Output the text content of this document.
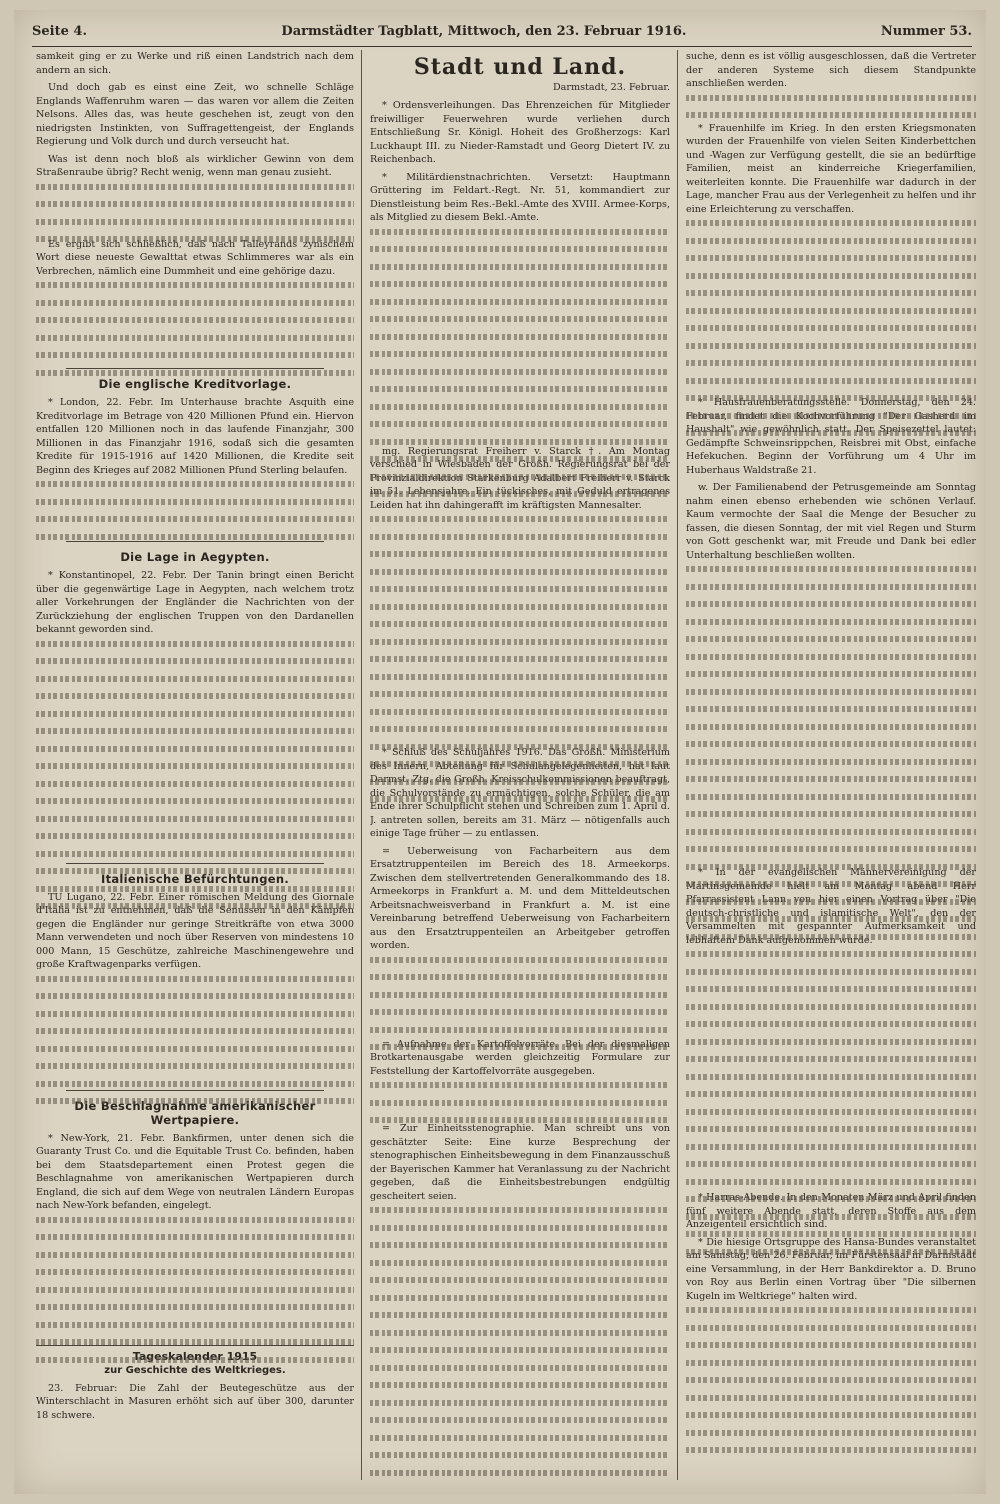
Seite 4.	Darmstädter Tagblatt, Mittwoch, den 23. Februar 1916.	Nummer 53.

samkeit ging er zu Werke und riß einen Landstrich nach dem andern an sich.

Und doch gab es einst eine Zeit, wo schnelle Schläge Englands Waffenruhm waren — das waren vor allem die Zeiten Nelsons. Alles das, was heute geschehen ist, zeugt von den niedrigsten Instinkten, von Suffragettengeist, der Englands Regierung und Volk durch und durch verseucht hat.

Was ist denn noch bloß als wirklicher Gewinn von dem Straßenraube übrig? Recht wenig, wenn man genau zusieht.

Es ergibt sich schließlich, daß nach Talleyrands zynischem Wort diese neueste Gewalttat etwas Schlimmeres war als ein Verbrechen, nämlich eine Dummheit und eine gehörige dazu.

Die englische Kreditvorlage.

* London, 22. Febr. Im Unterhause brachte Asquith eine Kreditvorlage im Betrage von 420 Millionen Pfund ein. Hiervon entfallen 120 Millionen noch in das laufende Finanzjahr, 300 Millionen in das Finanzjahr 1916, sodaß sich die gesamten Kredite für 1915-1916 auf 1420 Millionen, die Kredite seit Beginn des Krieges auf 2082 Millionen Pfund Sterling belaufen.

Die Lage in Aegypten.

* Konstantinopel, 22. Febr. Der Tanin bringt einen Bericht über die gegenwärtige Lage in Aegypten, nach welchem trotz aller Vorkehrungen der Engländer die Nachrichten von der Zurückziehung der englischen Truppen von den Dardanellen bekannt geworden sind.

Italienische Befürchtungen.

TU Lugano, 22. Febr. Einer römischen Meldung des Giornale d'Italia ist zu entnehmen, daß die Senussen in den Kämpfen gegen die Engländer nur geringe Streitkräfte von etwa 3000 Mann verwendeten und noch über Reserven von mindestens 10 000 Mann, 15 Geschütze, zahlreiche Maschinengewehre und große Kraftwagenparks verfügen.

Die Beschlagnahme amerikanischer Wertpapiere.

* New-York, 21. Febr. Bankfirmen, unter denen sich die Guaranty Trust Co. und die Equitable Trust Co. befinden, haben bei dem Staatsdepartement einen Protest gegen die Beschlagnahme von amerikanischen Wertpapieren durch England, die sich auf dem Wege von neutralen Ländern Europas nach New-York befanden, eingelegt.

Tageskalender 1915
zur Geschichte des Weltkrieges.

23. Februar: Die Zahl der Beutegeschütze aus der Winterschlacht in Masuren erhöht sich auf über 300, darunter 18 schwere.

Stadt und Land.
Darmstadt, 23. Februar.

* Ordensverleihungen. Das Ehrenzeichen für Mitglieder freiwilliger Feuerwehren wurde verliehen durch Entschließung Sr. Königl. Hoheit des Großherzogs: Karl Luckhaupt III. zu Nieder-Ramstadt und Georg Dietert IV. zu Reichenbach.

* Militärdienstnachrichten. Versetzt: Hauptmann Grüttering im Feldart.-Regt. Nr. 51, kommandiert zur Dienstleistung beim Res.-Bekl.-Amte des XVIII. Armee-Korps, als Mitglied zu diesem Bekl.-Amte.

mg. Regierungsrat Freiherr v. Starck †. Am Montag verschied in Wiesbaden der Großh. Regierungsrat bei der Provinzialdirektion Starkenburg Adalbert Freiherr v. Starck im 51. Lebensjahre. Ein tückisches, mit Geduld ertragenes Leiden hat ihn dahingerafft im kräftigsten Mannesalter.

* Schluß des Schuljahres 1916. Das Großh. Ministerium des Innern, Abteilung für Schulangelegenheiten, hat laut Darmst. Ztg. die Großh. Kreisschulkommissionen beauftragt, die Schulvorstände zu ermächtigen, solche Schüler, die am Ende ihrer Schulpflicht stehen und Schreiben zum 1. April d. J. antreten sollen, bereits am 31. März — nötigenfalls auch einige Tage früher — zu entlassen.

= Ueberweisung von Facharbeitern aus dem Ersatztruppenteilen im Bereich des 18. Armeekorps. Zwischen dem stellvertretenden Generalkommando des 18. Armeekorps in Frankfurt a. M. und dem Mitteldeutschen Arbeitsnachweisverband in Frankfurt a. M. ist eine Vereinbarung betreffend Ueberweisung von Facharbeitern aus den Ersatztruppenteilen an Arbeitgeber getroffen worden.

= Aufnahme der Kartoffelvorräte. Bei der diesmaligen Brotkartenausgabe werden gleichzeitig Formulare zur Feststellung der Kartoffelvorräte ausgegeben.

= Zur Einheitsstenographie. Man schreibt uns von geschätzter Seite: Eine kurze Besprechung der stenographischen Einheitsbewegung in dem Finanzausschuß der Bayerischen Kammer hat Veranlassung zu der Nachricht gegeben, daß die Einheitsbestrebungen endgültig gescheitert seien.

suche, denn es ist völlig ausgeschlossen, daß die Vertreter der anderen Systeme sich diesem Standpunkte anschließen werden.

* Frauenhilfe im Krieg. In den ersten Kriegsmonaten wurden der Frauenhilfe von vielen Seiten Kinderbettchen und -Wagen zur Verfügung gestellt, die sie an bedürftige Familien, meist an kinderreiche Kriegerfamilien, weiterleiten konnte. Die Frauenhilfe war dadurch in der Lage, mancher Frau aus der Verlegenheit zu helfen und ihr eine Erleichterung zu verschaffen.

* Hausfrauenberatungsstelle. Donnerstag, den 24. Februar, findet die Kochvorführung "Der Gasherd im Haushalt" wie gewöhnlich statt. Der Speisezettel lautet: Gedämpfte Schweinsrippchen, Reisbrei mit Obst, einfache Hefekuchen. Beginn der Vorführung um 4 Uhr im Huberhaus Waldstraße 21.

w. Der Familienabend der Petrusgemeinde am Sonntag nahm einen ebenso erhebenden wie schönen Verlauf. Kaum vermochte der Saal die Menge der Besucher zu fassen, die diesen Sonntag, der mit viel Regen und Sturm von Gott geschenkt war, mit Freude und Dank bei edler Unterhaltung beschließen wollten.

* In der evangelischen Männervereinigung der Martinsgemeinde hielt am Montag abend Herr Pfarrassistent Lann von hier einen Vortrag über "Die deutsch-christliche und islamitische Welt", den der Versammelten mit gespannter Aufmerksamkeit und lebhaftem Dank aufgenommen wurde.

* Harras-Abende. In den Monaten März und April finden fünf weitere Abende statt, deren Stoffe aus dem Anzeigenteil ersichtlich sind.

* Die hiesige Ortsgruppe des Hansa-Bundes veranstaltet am Samstag, den 26. Februar, im Fürstensaal in Darmstadt eine Versammlung, in der Herr Bankdirektor a. D. Bruno von Roy aus Berlin einen Vortrag über "Die silbernen Kugeln im Weltkriege" halten wird.
